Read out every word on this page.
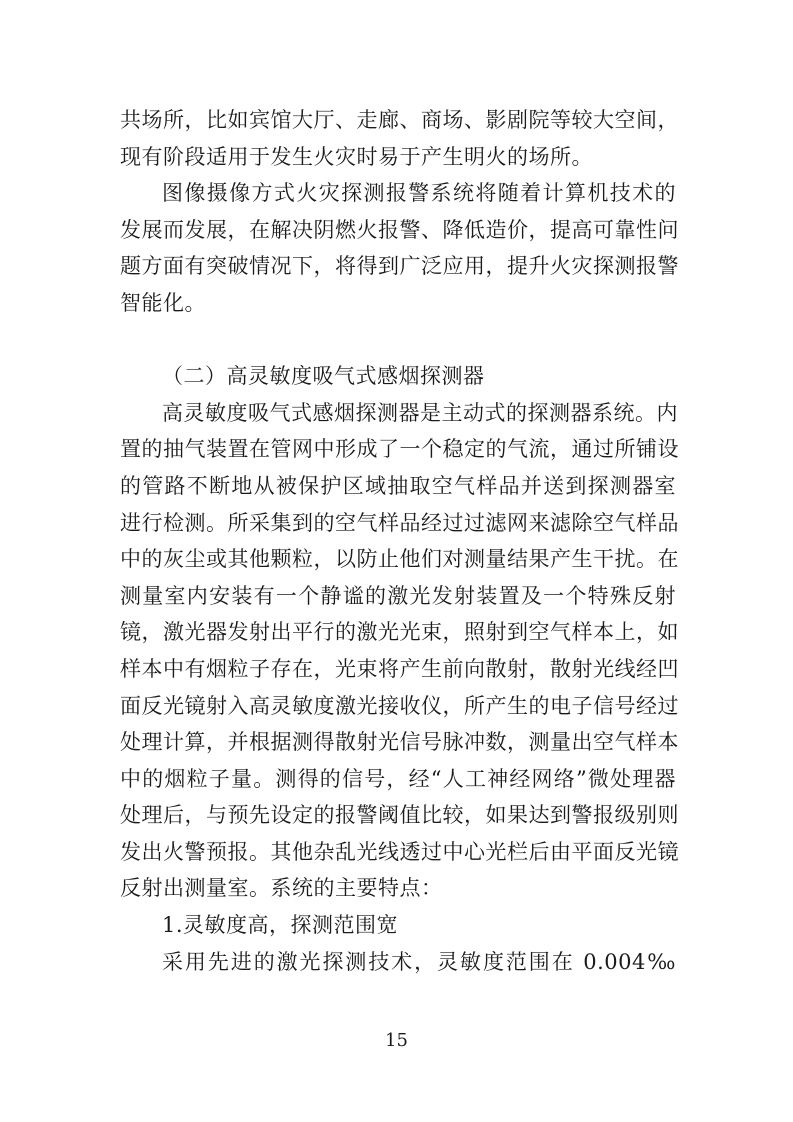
共场所，比如宾馆大厅、走廊、商场、影剧院等较大空间，
现有阶段适用于发生火灾时易于产生明火的场所。
图像摄像方式火灾探测报警系统将随着计算机技术的
发展而发展，在解决阴燃火报警、降低造价，提高可靠性问
题方面有突破情况下，将得到广泛应用，提升火灾探测报警
智能化。
（二）高灵敏度吸气式感烟探测器
高灵敏度吸气式感烟探测器是主动式的探测器系统。内
置的抽气装置在管网中形成了一个稳定的气流，通过所铺设
的管路不断地从被保护区域抽取空气样品并送到探测器室
进行检测。所采集到的空气样品经过过滤网来滤除空气样品
中的灰尘或其他颗粒，以防止他们对测量结果产生干扰。在
测量室内安装有一个静谧的激光发射装置及一个特殊反射
镜，激光器发射出平行的激光光束，照射到空气样本上，如
样本中有烟粒子存在，光束将产生前向散射，散射光线经凹
面反光镜射入高灵敏度激光接收仪，所产生的电子信号经过
处理计算，并根据测得散射光信号脉冲数，测量出空气样本
中的烟粒子量。测得的信号，经“人工神经网络”微处理器
处理后，与预先设定的报警阈值比较，如果达到警报级别则
发出火警预报。其他杂乱光线透过中心光栏后由平面反光镜
反射出测量室。系统的主要特点：
1.灵敏度高，探测范围宽
采用先进的激光探测技术，灵敏度范围在 0.004‰
15
